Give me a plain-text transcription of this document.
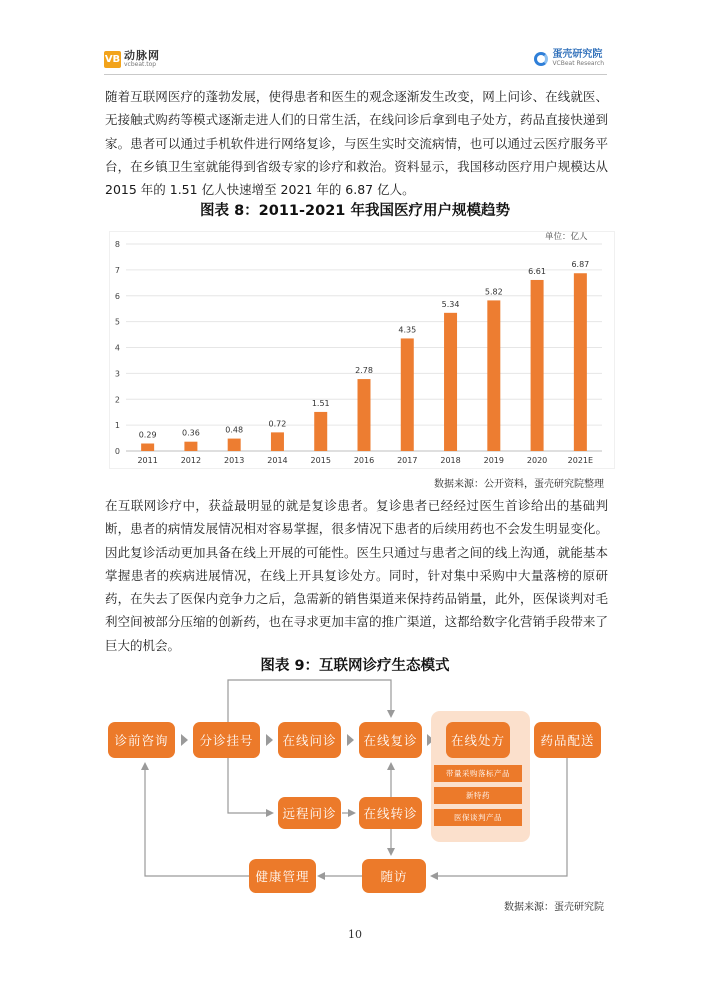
VB 动脉网
vcbeat.top
蛋壳研究院
VCBeat Research

随着互联网医疗的蓬勃发展，使得患者和医生的观念逐渐发生改变，网上问诊、在线就医、无接触式购药等模式逐渐走进人们的日常生活，在线问诊后拿到电子处方，药品直接快递到家。患者可以通过手机软件进行网络复诊，与医生实时交流病情，也可以通过云医疗服务平台，在乡镇卫生室就能得到省级专家的诊疗和救治。资料显示，我国移动医疗用户规模达从 2015 年的 1.51 亿人快速增至 2021 年的 6.87 亿人。

图表 8：2011-2021 年我国医疗用户规模趋势
0
1
2
3
4
5
6
7
8
0.29
2011
0.36
2012
0.48
2013
0.72
2014
1.51
2015
2.78
2016
4.35
2017
5.34
2018
5.82
2019
6.61
2020
6.87
2021E
单位：亿人
数据来源：公开资料，蛋壳研究院整理

在互联网诊疗中，获益最明显的就是复诊患者。复诊患者已经经过医生首诊给出的基础判断，患者的病情发展情况相对容易掌握，很多情况下患者的后续用药也不会发生明显变化。因此复诊活动更加具备在线上开展的可能性。医生只通过与患者之间的线上沟通，就能基本掌握患者的疾病进展情况，在线上开具复诊处方。同时，针对集中采购中大量落榜的原研药，在失去了医保内竞争力之后，急需新的销售渠道来保持药品销量，此外，医保谈判对毛利空间被部分压缩的创新药，也在寻求更加丰富的推广渠道，这都给数字化营销手段带来了巨大的机会。

图表 9：互联网诊疗生态模式
诊前咨询	分诊挂号	在线问诊	在线复诊	在线处方	药品配送
带量采购落标产品
新特药
医保谈判产品
远程问诊	在线转诊
健康管理	随访
数据来源：蛋壳研究院
10
